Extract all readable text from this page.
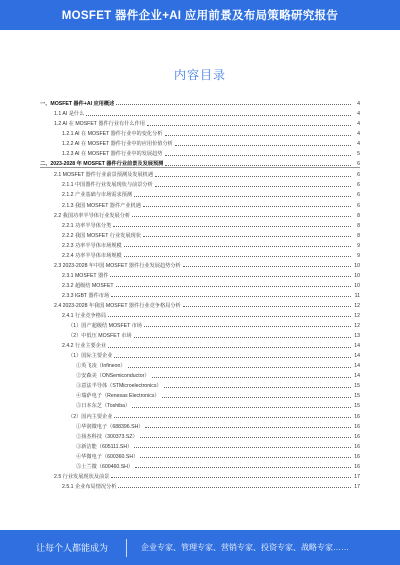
MOSFET 器件企业+AI 应用前景及布局策略研究报告
内容目录
一、MOSFET 器件+AI 应用概述	4
1.1 AI 是什么	4
1.2 AI 在 MOSFET 器件行业有什么作用	4
1.2.1 AI 在 MOSFET 器件行业中的变化分析	4
1.2.2 AI 在 MOSFET 器件行业中的应用价值分析	4
1.2.3 AI 在 MOSFET 器件行业中的发展趋势	5
二、2023-2028 年 MOSFET 器件行业前景及发展预测	6
2.1 MOSFET 器件行业前景预测及发展机遇	6
2.1.1 中国器件行业发展现状与前景分析	6
2.1.2 产业基础与市场需求预测	6
2.1.3 我国 MOSFET 器件产业机遇	6
2.2 我国功率半导体行业发展分析	8
2.2.1 功率半导体分类	8
2.2.2 我国 MOSFET 行业发展现状	8
2.2.3 功率半导体市场规模	9
2.2.4 功率半导体市场规模	9
2.3 2023-2028 年中国 MOSFET 器件行业发展趋势分析	10
2.3.1 MOSFET 器件	10
2.3.2 超级结 MOSFET	10
2.3.3 IGBT 器件市场	11
2.4 2023-2028 年我国 MOSFET 器件行业竞争格局分析	12
2.4.1 行业竞争格局	12
（1）国产超级结 MOSFET 市场	12
（2）中低压 MOSFET 市场	13
2.4.2 行业主要企业	14
（1）国际主要企业	14
①英飞凌（Infineon）	14
②安森美（ONSemiconductor）	14
③意法半导体（STMicroelectronics）	15
④瑞萨电子（Renesas Electronics）	15
⑤日本东芝（Toshiba）	15
（2）国内主要企业	16
①华润微电子（688396.SH）	16
②扬杰科技（300373.SZ）	16
③新洁能（605111.SH）	16
④华微电子（600360.SH）	16
⑤士兰微（600460.SH）	16
2.5 行业发展现状及前景	17
2.5.1 企业布局情况分析	17
让每个人都能成为	企业专家、管理专家、营销专家、投资专家、战略专家……
